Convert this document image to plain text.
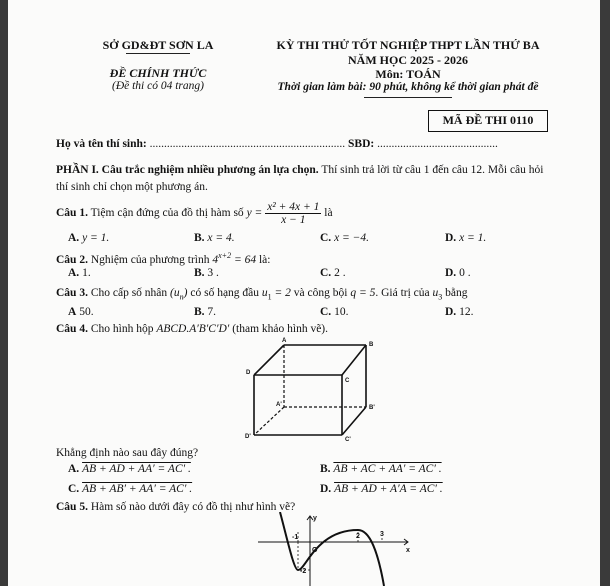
SỞ GD&ĐT SƠN LA
ĐỀ CHÍNH THỨC
(Đề thi có 04 trang)
KỲ THI THỬ TỐT NGHIỆP THPT LẦN THỨ BA
NĂM HỌC 2025 - 2026
Môn: TOÁN
Thời gian làm bài: 90 phút, không kể thời gian phát đề
MÃ ĐỀ THI 0110
Họ và tên thí sinh: .................................................................... SBD: ..........................................
PHẦN I. Câu trắc nghiệm nhiều phương án lựa chọn. Thí sinh trả lời từ câu 1 đến câu 12. Mỗi câu hỏi
thí sinh chỉ chọn một phương án.
Câu 1. Tiệm cận đứng của đồ thị hàm số $y = \frac{\text{x² + 4x + 1}}{x - 1}$ là
A. y = 1.	B. x = 4.	C. x = −4.	D. x = 1.
Câu 2. Nghiệm của phương trình $4^{x+2} = 64$ là:
A. 1.	B. 3 .	C. 2 .	D. 0 .
Câu 3. Cho cấp số nhân $(u_n)$ có số hạng đầu $u_1 = 2$ và công bội q = 5. Giá trị của $u_3$ bằng
A 50.	B. 7.	C. 10.	D. 12.
Câu 4. Cho hình hộp ABCD.A′B′C′D′ (tham khảo hình vẽ).
A
B
D
C
A'	B'
D'	C'
Khẳng định nào sau đây đúng?
A. AB + AD + AA′ = AC′ .	B. AB + AC + AA′ = AC′ .
C. AB + AB′ + AA′ = AC′ .	D. AB + AD + A′A = AC′ .
Câu 5. Hàm số nào dưới đây có đồ thị như hình vẽ?
y
-1
O
2	3
x
-2
